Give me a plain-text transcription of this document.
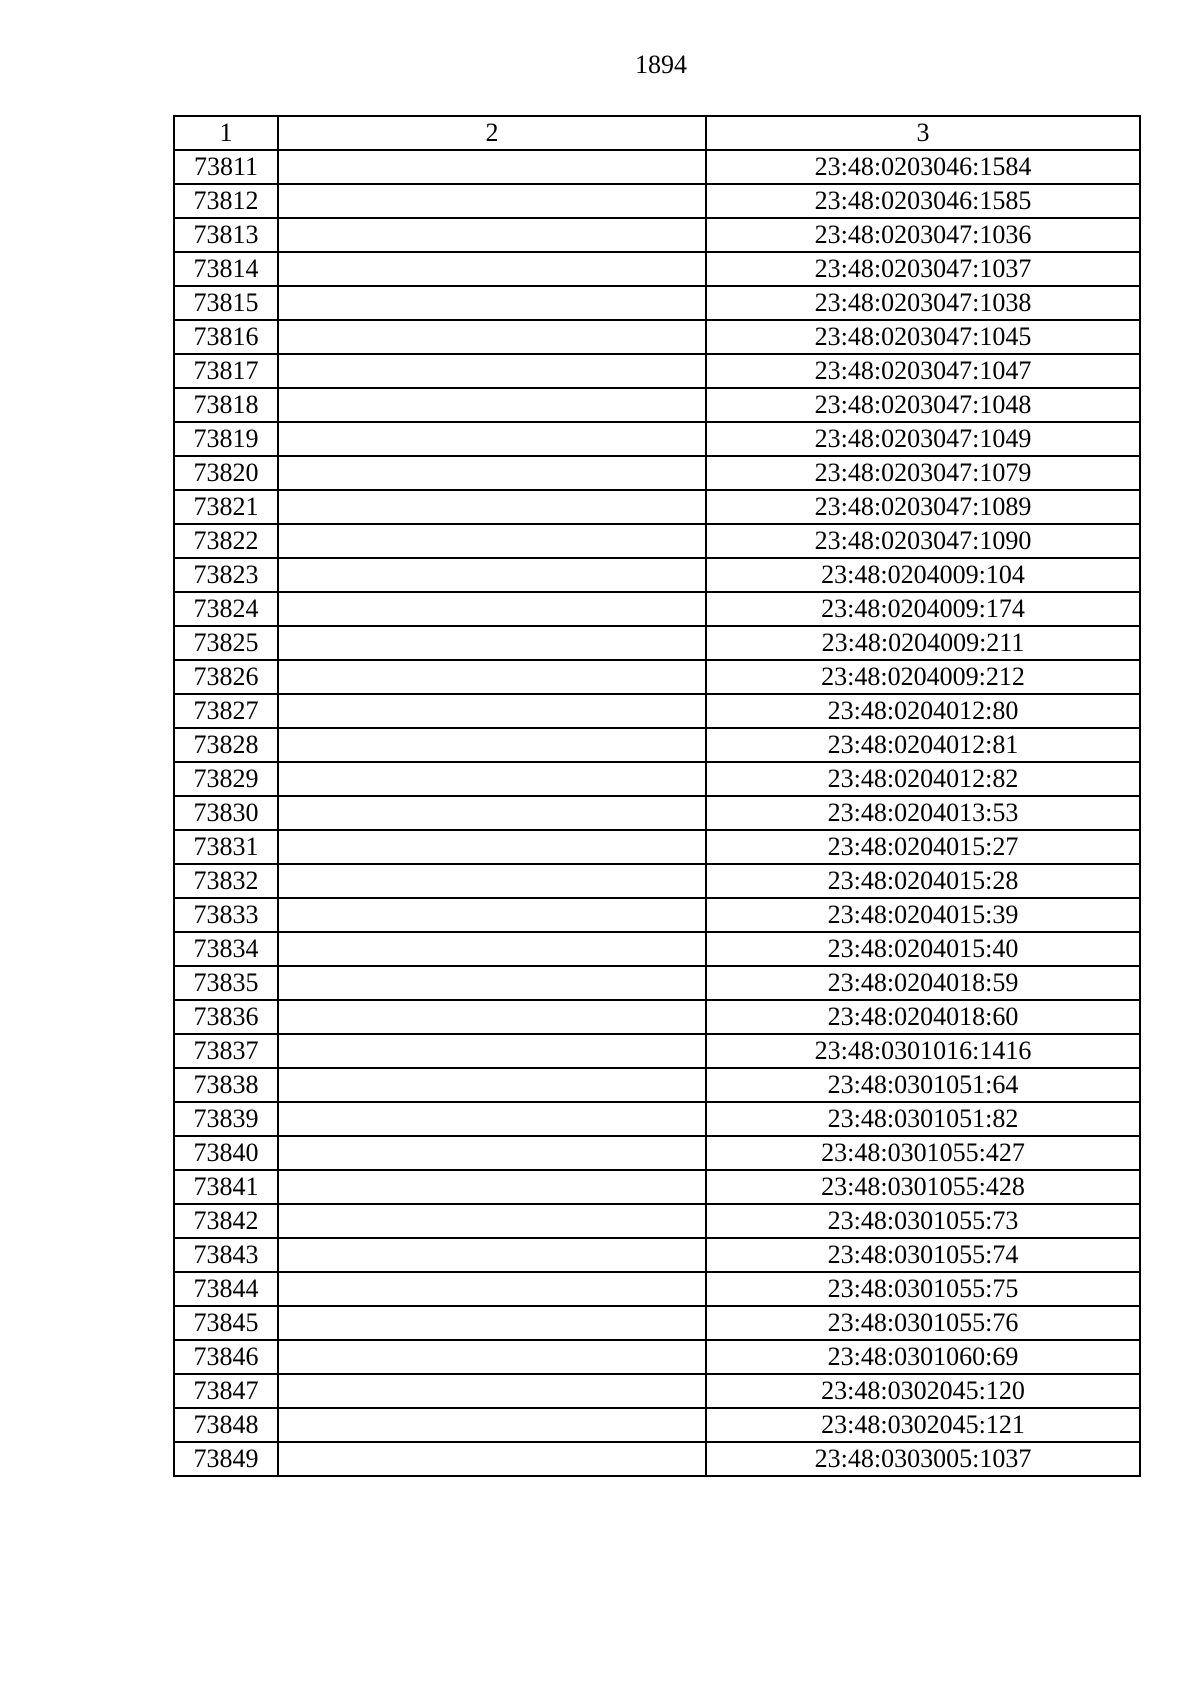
1894
1	2	3
73811		23:48:0203046:1584
73812		23:48:0203046:1585
73813		23:48:0203047:1036
73814		23:48:0203047:1037
73815		23:48:0203047:1038
73816		23:48:0203047:1045
73817		23:48:0203047:1047
73818		23:48:0203047:1048
73819		23:48:0203047:1049
73820		23:48:0203047:1079
73821		23:48:0203047:1089
73822		23:48:0203047:1090
73823		23:48:0204009:104
73824		23:48:0204009:174
73825		23:48:0204009:211
73826		23:48:0204009:212
73827		23:48:0204012:80
73828		23:48:0204012:81
73829		23:48:0204012:82
73830		23:48:0204013:53
73831		23:48:0204015:27
73832		23:48:0204015:28
73833		23:48:0204015:39
73834		23:48:0204015:40
73835		23:48:0204018:59
73836		23:48:0204018:60
73837		23:48:0301016:1416
73838		23:48:0301051:64
73839		23:48:0301051:82
73840		23:48:0301055:427
73841		23:48:0301055:428
73842		23:48:0301055:73
73843		23:48:0301055:74
73844		23:48:0301055:75
73845		23:48:0301055:76
73846		23:48:0301060:69
73847		23:48:0302045:120
73848		23:48:0302045:121
73849		23:48:0303005:1037
